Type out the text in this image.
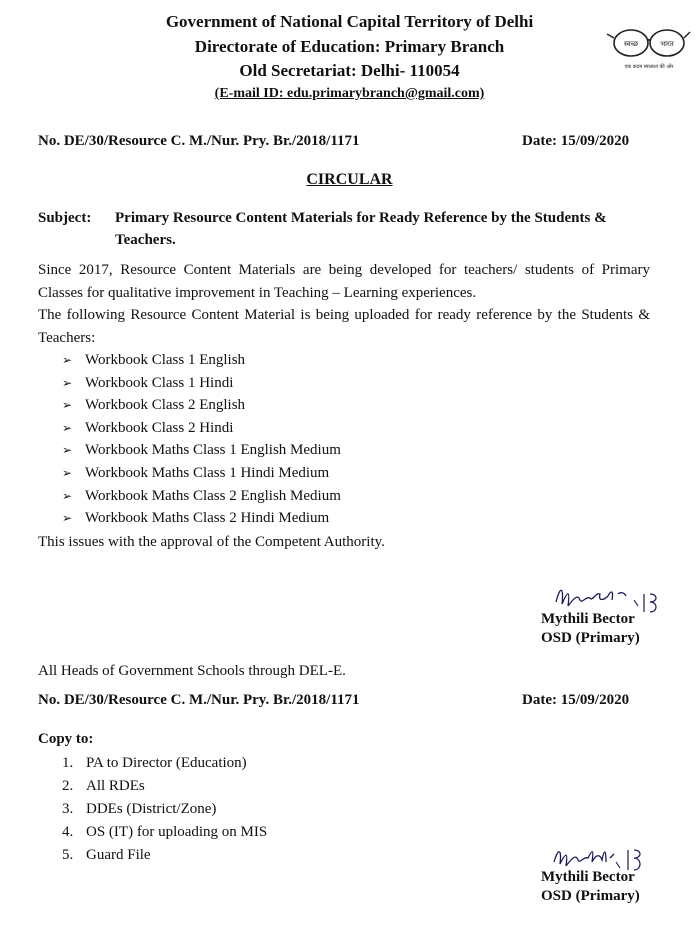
Government of National Capital Territory of Delhi
Directorate of Education: Primary Branch
Old Secretariat: Delhi- 110054
(E-mail ID: edu.primarybranch@gmail.com)
स्वच्छ	भारत
एक कदम स्वच्छता की ओर
No. DE/30/Resource C. M./Nur. Pry. Br./2018/1171	Date: 15/09/2020
CIRCULAR
Subject: Primary Resource Content Materials for Ready Reference by the Students & Teachers.
Since 2017, Resource Content Materials are being developed for teachers/ students of Primary Classes for qualitative improvement in Teaching – Learning experiences.
The following Resource Content Material is being uploaded for ready reference by the Students & Teachers:
➢ Workbook Class 1 English
➢ Workbook Class 1 Hindi
➢ Workbook Class 2 English
➢ Workbook Class 2 Hindi
➢ Workbook Maths Class 1 English Medium
➢ Workbook Maths Class 1 Hindi Medium
➢ Workbook Maths Class 2 English Medium
➢ Workbook Maths Class 2 Hindi Medium
This issues with the approval of the Competent Authority.
Mythili Bector
OSD (Primary)
All Heads of Government Schools through DEL-E.
No. DE/30/Resource C. M./Nur. Pry. Br./2018/1171	Date: 15/09/2020
Copy to:
1. PA to Director (Education)
2. All RDEs
3. DDEs (District/Zone)
4. OS (IT) for uploading on MIS
5. Guard File
Mythili Bector
OSD (Primary)
